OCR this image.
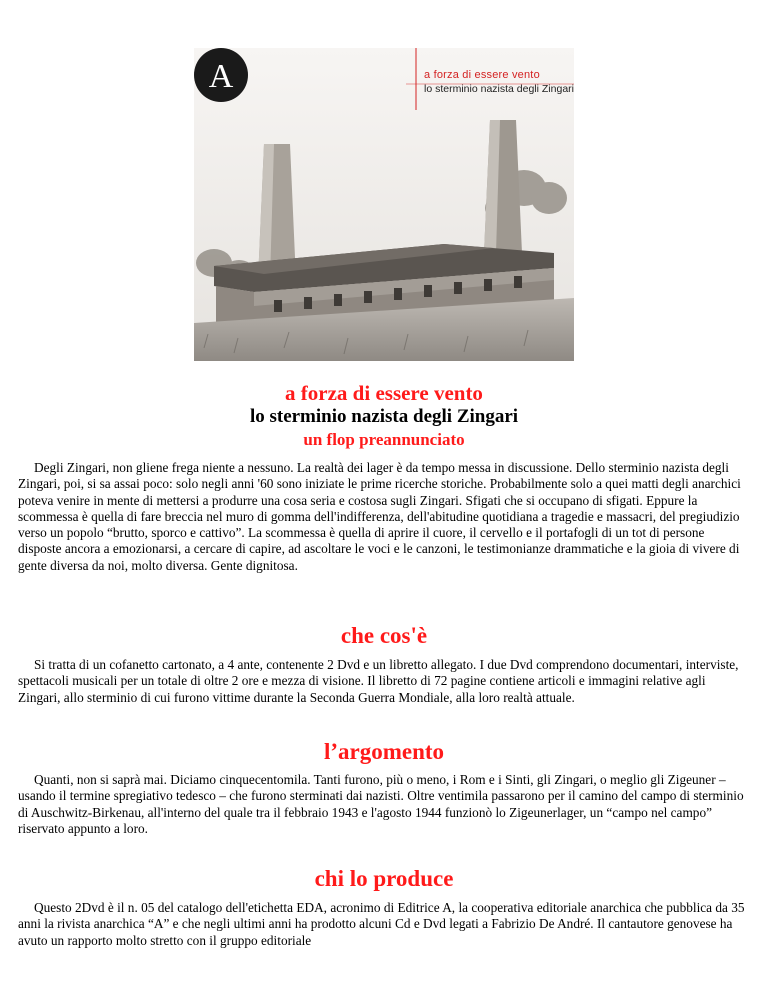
A	a forza di essere vento
lo sterminio nazista degli Zingari
a forza di essere vento
lo sterminio nazista degli Zingari
un flop preannunciato
Degli Zingari, non gliene frega niente a nessuno. La realtà dei lager è da tempo messa in discussione. Dello sterminio nazista degli Zingari, poi, si sa assai poco: solo negli anni '60 sono iniziate le prime ricerche storiche. Probabilmente solo a quei matti degli anarchici poteva venire in mente di mettersi a produrre una cosa seria e costosa sugli Zingari. Sfigati che si occupano di sfigati. Eppure la scommessa è quella di fare breccia nel muro di gomma dell'indifferenza, dell'abitudine quotidiana a tragedie e massacri, del pregiudizio verso un popolo “brutto, sporco e cattivo”. La scommessa è quella di aprire il cuore, il cervello e il portafogli di un tot di persone disposte ancora a emozionarsi, a cercare di capire, ad ascoltare le voci e le canzoni, le testimonianze drammatiche e la gioia di vivere di gente diversa da noi, molto diversa. Gente dignitosa.
che cos'è
Si tratta di un cofanetto cartonato, a 4 ante, contenente 2 Dvd e un libretto allegato. I due Dvd comprendono documentari, interviste, spettacoli musicali per un totale di oltre 2 ore e mezza di visione. Il libretto di 72 pagine contiene articoli e immagini relative agli Zingari, allo sterminio di cui furono vittime durante la Seconda Guerra Mondiale, alla loro realtà attuale.
l’argomento
Quanti, non si saprà mai. Diciamo cinquecentomila. Tanti furono, più o meno, i Rom e i Sinti, gli Zingari, o meglio gli Zigeuner – usando il termine spregiativo tedesco – che furono sterminati dai nazisti. Oltre ventimila passarono per il camino del campo di sterminio di Auschwitz-Birkenau, all'interno del quale tra il febbraio 1943 e l'agosto 1944 funzionò lo Zigeunerlager, un “campo nel campo” riservato appunto a loro.
chi lo produce
Questo 2Dvd è il n. 05 del catalogo dell'etichetta EDA, acronimo di Editrice A, la cooperativa editoriale anarchica che pubblica da 35 anni la rivista anarchica “A” e che negli ultimi anni ha prodotto alcuni Cd e Dvd legati a Fabrizio De André. Il cantautore genovese ha avuto un rapporto molto stretto con il gruppo editoriale
